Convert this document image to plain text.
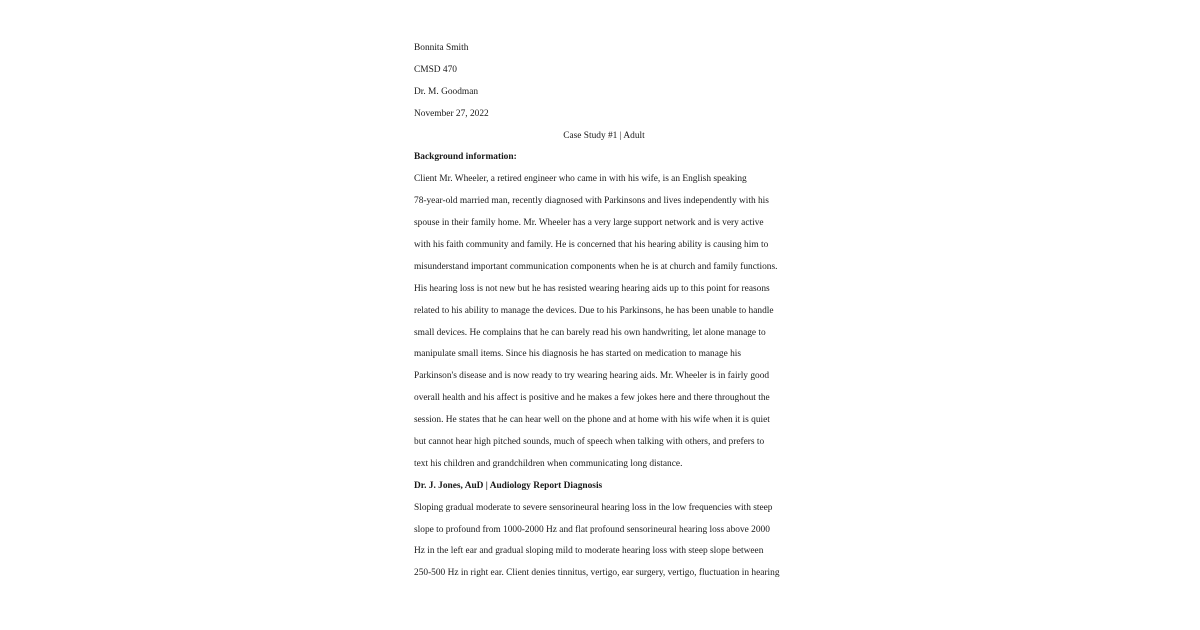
Bonnita Smith
CMSD 470
Dr. M. Goodman
November 27, 2022
Case Study #1 | Adult
Background information:
Client Mr. Wheeler, a retired engineer who came in with his wife, is an English speaking
78-year-old married man, recently diagnosed with Parkinsons and lives independently with his
spouse in their family home. Mr. Wheeler has a very large support network and is very active
with his faith community and family. He is concerned that his hearing ability is causing him to
misunderstand important communication components when he is at church and family functions.
His hearing loss is not new but he has resisted wearing hearing aids up to this point for reasons
related to his ability to manage the devices. Due to his Parkinsons, he has been unable to handle
small devices. He complains that he can barely read his own handwriting, let alone manage to
manipulate small items. Since his diagnosis he has started on medication to manage his
Parkinson's disease and is now ready to try wearing hearing aids. Mr. Wheeler is in fairly good
overall health and his affect is positive and he makes a few jokes here and there throughout the
session. He states that he can hear well on the phone and at home with his wife when it is quiet
but cannot hear high pitched sounds, much of speech when talking with others, and prefers to
text his children and grandchildren when communicating long distance.
Dr. J. Jones, AuD | Audiology Report Diagnosis
Sloping gradual moderate to severe sensorineural hearing loss in the low frequencies with steep
slope to profound from 1000-2000 Hz and flat profound sensorineural hearing loss above 2000
Hz in the left ear and gradual sloping mild to moderate hearing loss with steep slope between
250-500 Hz in right ear. Client denies tinnitus, vertigo, ear surgery, vertigo, fluctuation in hearing
